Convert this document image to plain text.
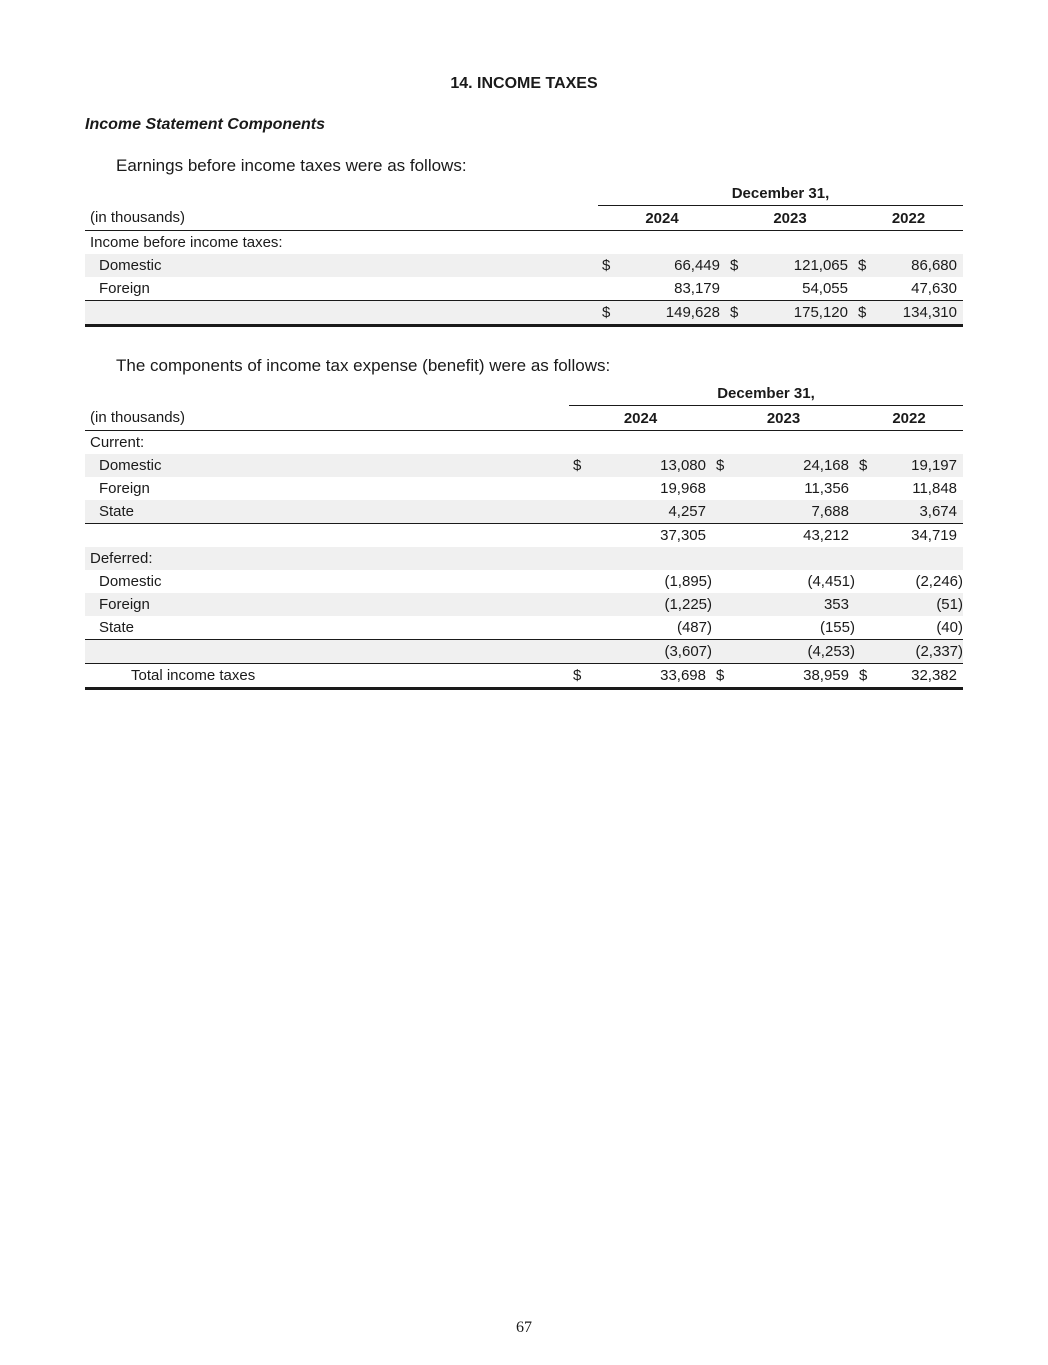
14. INCOME TAXES
Income Statement Components
Earnings before income taxes were as follows:
	December 31,					
(in thousands)	2024		2023		2022	
Income before income taxes:						
Domestic	$	66,449	$	121,065	$	86,680
Foreign		83,179		54,055		47,630
	$	149,628	$	175,120	$	134,310
The components of income tax expense (benefit) were as follows:
	December 31,					
(in thousands)	2024		2023		2022	
Current:						
Domestic	$	13,080	$	24,168	$	19,197
Foreign		19,968		11,356		11,848
State		4,257		7,688		3,674
		37,305		43,212		34,719
Deferred:						
Domestic		(1,895)		(4,451)		(2,246)
Foreign		(1,225)		353		(51)
State		(487)		(155)		(40)
		(3,607)		(4,253)		(2,337)
Total income taxes	$	33,698	$	38,959	$	32,382
67
